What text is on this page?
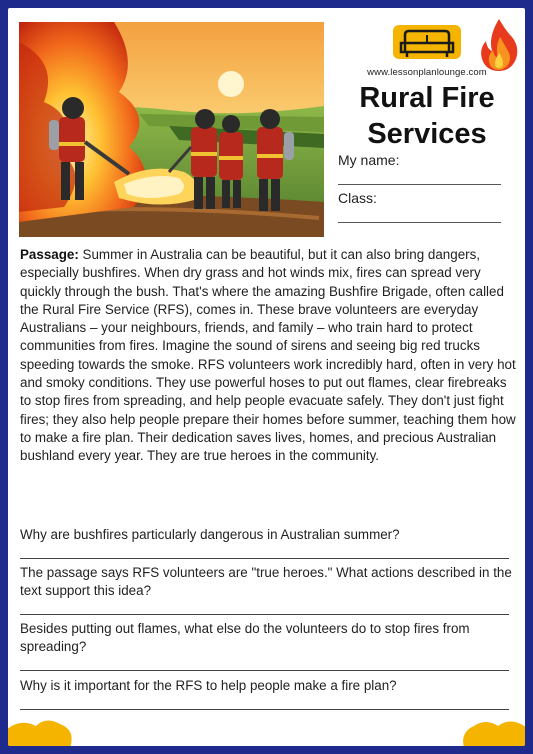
www.lessonplanlounge.com
Rural Fire
Services
My name:
Class:

Passage: Summer in Australia can be beautiful, but it can also bring dangers, especially bushfires. When dry grass and hot winds mix, fires can spread very quickly through the bush. That's where the amazing Bushfire Brigade, often called the Rural Fire Service (RFS), comes in. These brave volunteers are everyday Australians – your neighbours, friends, and family – who train hard to protect communities from fires. Imagine the sound of sirens and seeing big red trucks speeding towards the smoke. RFS volunteers work incredibly hard, often in very hot and smoky conditions. They use powerful hoses to put out flames, clear firebreaks to stop fires from spreading, and help people evacuate safely. They don't just fight fires; they also help people prepare their homes before summer, teaching them how to make a fire plan. Their dedication saves lives, homes, and precious Australian bushland every year. They are true heroes in the community.

Why are bushfires particularly dangerous in Australian summer?

The passage says RFS volunteers are "true heroes." What actions described in the text support this idea?

Besides putting out flames, what else do the volunteers do to stop fires from spreading?

Why is it important for the RFS to help people make a fire plan?
